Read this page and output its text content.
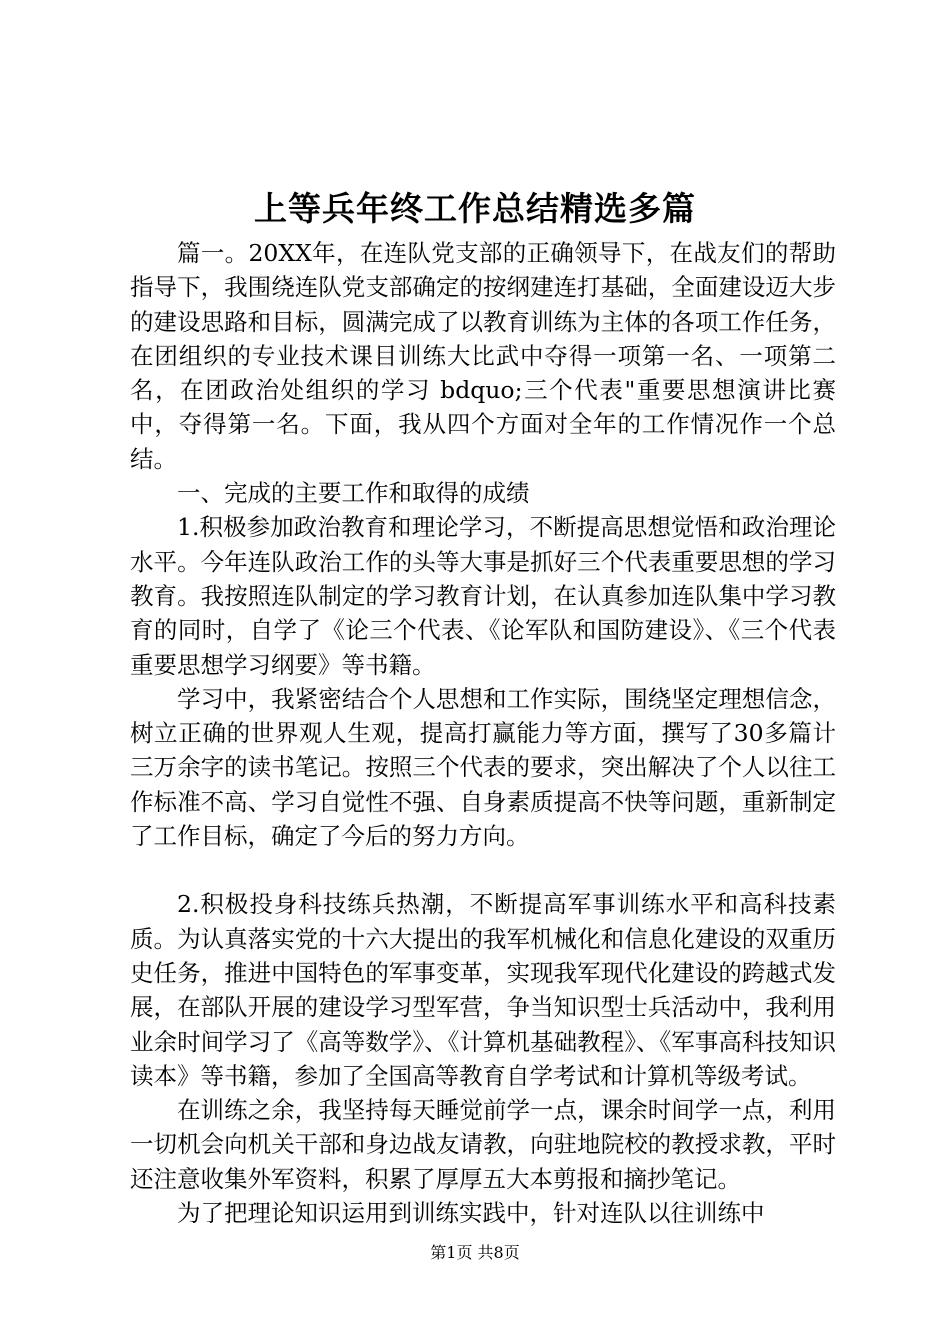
上等兵年终工作总结精选多篇

篇一。20XX年，在连队党支部的正确领导下，在战友们的帮助指导下，我围绕连队党支部确定的按纲建连打基础，全面建设迈大步的建设思路和目标，圆满完成了以教育训练为主体的各项工作任务，在团组织的专业技术课目训练大比武中夺得一项第一名、一项第二名，在团政治处组织的学习 bdquo;三个代表"重要思想演讲比赛中，夺得第一名。下面，我从四个方面对全年的工作情况作一个总结。

一、完成的主要工作和取得的成绩

1.积极参加政治教育和理论学习，不断提高思想觉悟和政治理论水平。今年连队政治工作的头等大事是抓好三个代表重要思想的学习教育。我按照连队制定的学习教育计划，在认真参加连队集中学习教育的同时，自学了《论三个代表、《论军队和国防建设》、《三个代表重要思想学习纲要》等书籍。

学习中，我紧密结合个人思想和工作实际，围绕坚定理想信念，树立正确的世界观人生观，提高打赢能力等方面，撰写了30多篇计三万余字的读书笔记。按照三个代表的要求，突出解决了个人以往工作标准不高、学习自觉性不强、自身素质提高不快等问题，重新制定了工作目标，确定了今后的努力方向。

2.积极投身科技练兵热潮，不断提高军事训练水平和高科技素质。为认真落实党的十六大提出的我军机械化和信息化建设的双重历史任务，推进中国特色的军事变革，实现我军现代化建设的跨越式发展，在部队开展的建设学习型军营，争当知识型士兵活动中，我利用业余时间学习了《高等数学》、《计算机基础教程》、《军事高科技知识读本》等书籍，参加了全国高等教育自学考试和计算机等级考试。

在训练之余，我坚持每天睡觉前学一点，课余时间学一点，利用一切机会向机关干部和身边战友请教，向驻地院校的教授求教，平时还注意收集外军资料，积累了厚厚五大本剪报和摘抄笔记。

为了把理论知识运用到训练实践中，针对连队以往训练中

第1页 共8页
